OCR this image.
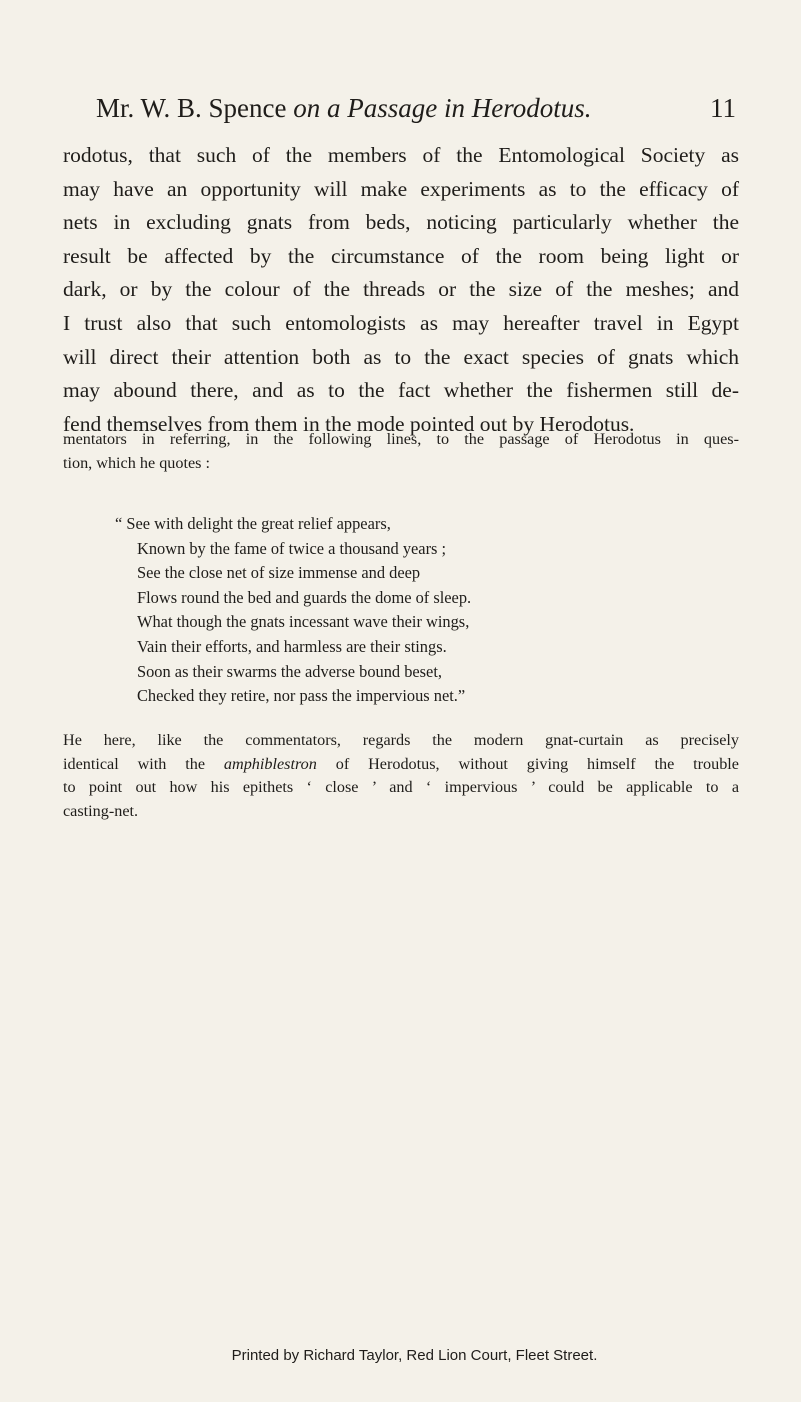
Mr. W. B. Spence on a Passage in Herodotus.	11
rodotus, that such of the members of the Entomological Society as
may have an opportunity will make experiments as to the efficacy of
nets in excluding gnats from beds, noticing particularly whether the
result be affected by the circumstance of the room being light or
dark, or by the colour of the threads or the size of the meshes; and
I trust also that such entomologists as may hereafter travel in Egypt
will direct their attention both as to the exact species of gnats which
may abound there, and as to the fact whether the fishermen still de-
fend themselves from them in the mode pointed out by Herodotus.
mentators in referring, in the following lines, to the passage of Herodotus in ques-
tion, which he quotes :
“ See with delight the great relief appears,
Known by the fame of twice a thousand years ;
See the close net of size immense and deep
Flows round the bed and guards the dome of sleep.
What though the gnats incessant wave their wings,
Vain their efforts, and harmless are their stings.
Soon as their swarms the adverse bound beset,
Checked they retire, nor pass the impervious net.”
He here, like the commentators, regards the modern gnat-curtain as precisely
identical with the amphiblestron of Herodotus, without giving himself the trouble
to point out how his epithets ‘ close ’ and ‘ impervious ’ could be applicable to a
casting-net.
Printed by Richard Taylor, Red Lion Court, Fleet Street.
